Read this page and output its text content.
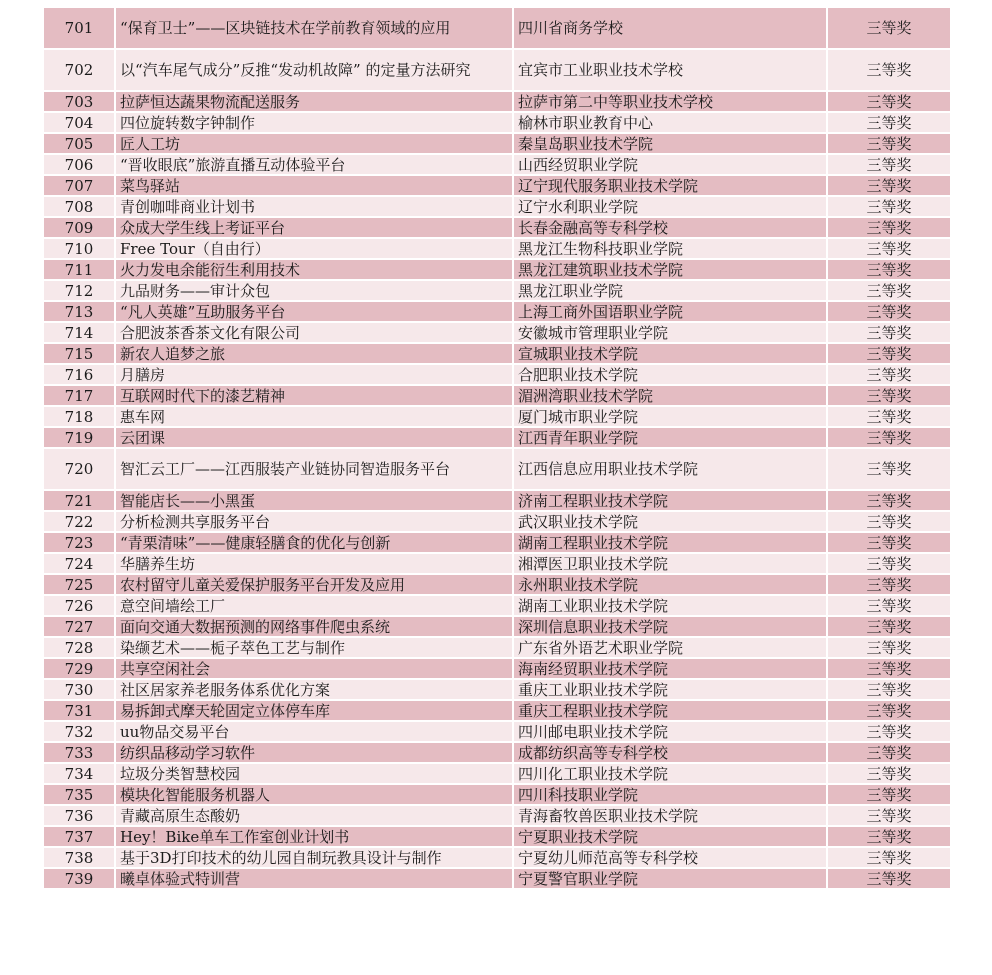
701	“保育卫士”——区块链技术在学前教育领域的应用	四川省商务学校	三等奖
702	以“汽车尾气成分”反推“发动机故障” 的定量方法研究	宜宾市工业职业技术学校	三等奖
703	拉萨恒达蔬果物流配送服务	拉萨市第二中等职业技术学校	三等奖
704	四位旋转数字钟制作	榆林市职业教育中心	三等奖
705	匠人工坊	秦皇岛职业技术学院	三等奖
706	“晋收眼底”旅游直播互动体验平台	山西经贸职业学院	三等奖
707	菜鸟驿站	辽宁现代服务职业技术学院	三等奖
708	青创咖啡商业计划书	辽宁水利职业学院	三等奖
709	众成大学生线上考证平台	长春金融高等专科学校	三等奖
710	Free Tour（自由行）	黑龙江生物科技职业学院	三等奖
711	火力发电余能衍生利用技术	黑龙江建筑职业技术学院	三等奖
712	九品财务——审计众包	黑龙江职业学院	三等奖
713	“凡人英雄”互助服务平台	上海工商外国语职业学院	三等奖
714	合肥波茶香茶文化有限公司	安徽城市管理职业学院	三等奖
715	新农人追梦之旅	宣城职业技术学院	三等奖
716	月膳房	合肥职业技术学院	三等奖
717	互联网时代下的漆艺精神	湄洲湾职业技术学院	三等奖
718	惠车网	厦门城市职业学院	三等奖
719	云团课	江西青年职业学院	三等奖
720	智汇云工厂——江西服装产业链协同智造服务平台	江西信息应用职业技术学院	三等奖
721	智能店长——小黑蛋	济南工程职业技术学院	三等奖
722	分析检测共享服务平台	武汉职业技术学院	三等奖
723	“青栗清味”——健康轻膳食的优化与创新	湖南工程职业技术学院	三等奖
724	华膳养生坊	湘潭医卫职业技术学院	三等奖
725	农村留守儿童关爱保护服务平台开发及应用	永州职业技术学院	三等奖
726	意空间墙绘工厂	湖南工业职业技术学院	三等奖
727	面向交通大数据预测的网络事件爬虫系统	深圳信息职业技术学院	三等奖
728	染缬艺术——栀子萃色工艺与制作	广东省外语艺术职业学院	三等奖
729	共享空闲社会	海南经贸职业技术学院	三等奖
730	社区居家养老服务体系优化方案	重庆工业职业技术学院	三等奖
731	易拆卸式摩天轮固定立体停车库	重庆工程职业技术学院	三等奖
732	uu物品交易平台	四川邮电职业技术学院	三等奖
733	纺织品移动学习软件	成都纺织高等专科学校	三等奖
734	垃圾分类智慧校园	四川化工职业技术学院	三等奖
735	模块化智能服务机器人	四川科技职业学院	三等奖
736	青藏高原生态酸奶	青海畜牧兽医职业技术学院	三等奖
737	Hey！Bike单车工作室创业计划书	宁夏职业技术学院	三等奖
738	基于3D打印技术的幼儿园自制玩教具设计与制作	宁夏幼儿师范高等专科学校	三等奖
739	曦卓体验式特训营	宁夏警官职业学院	三等奖
